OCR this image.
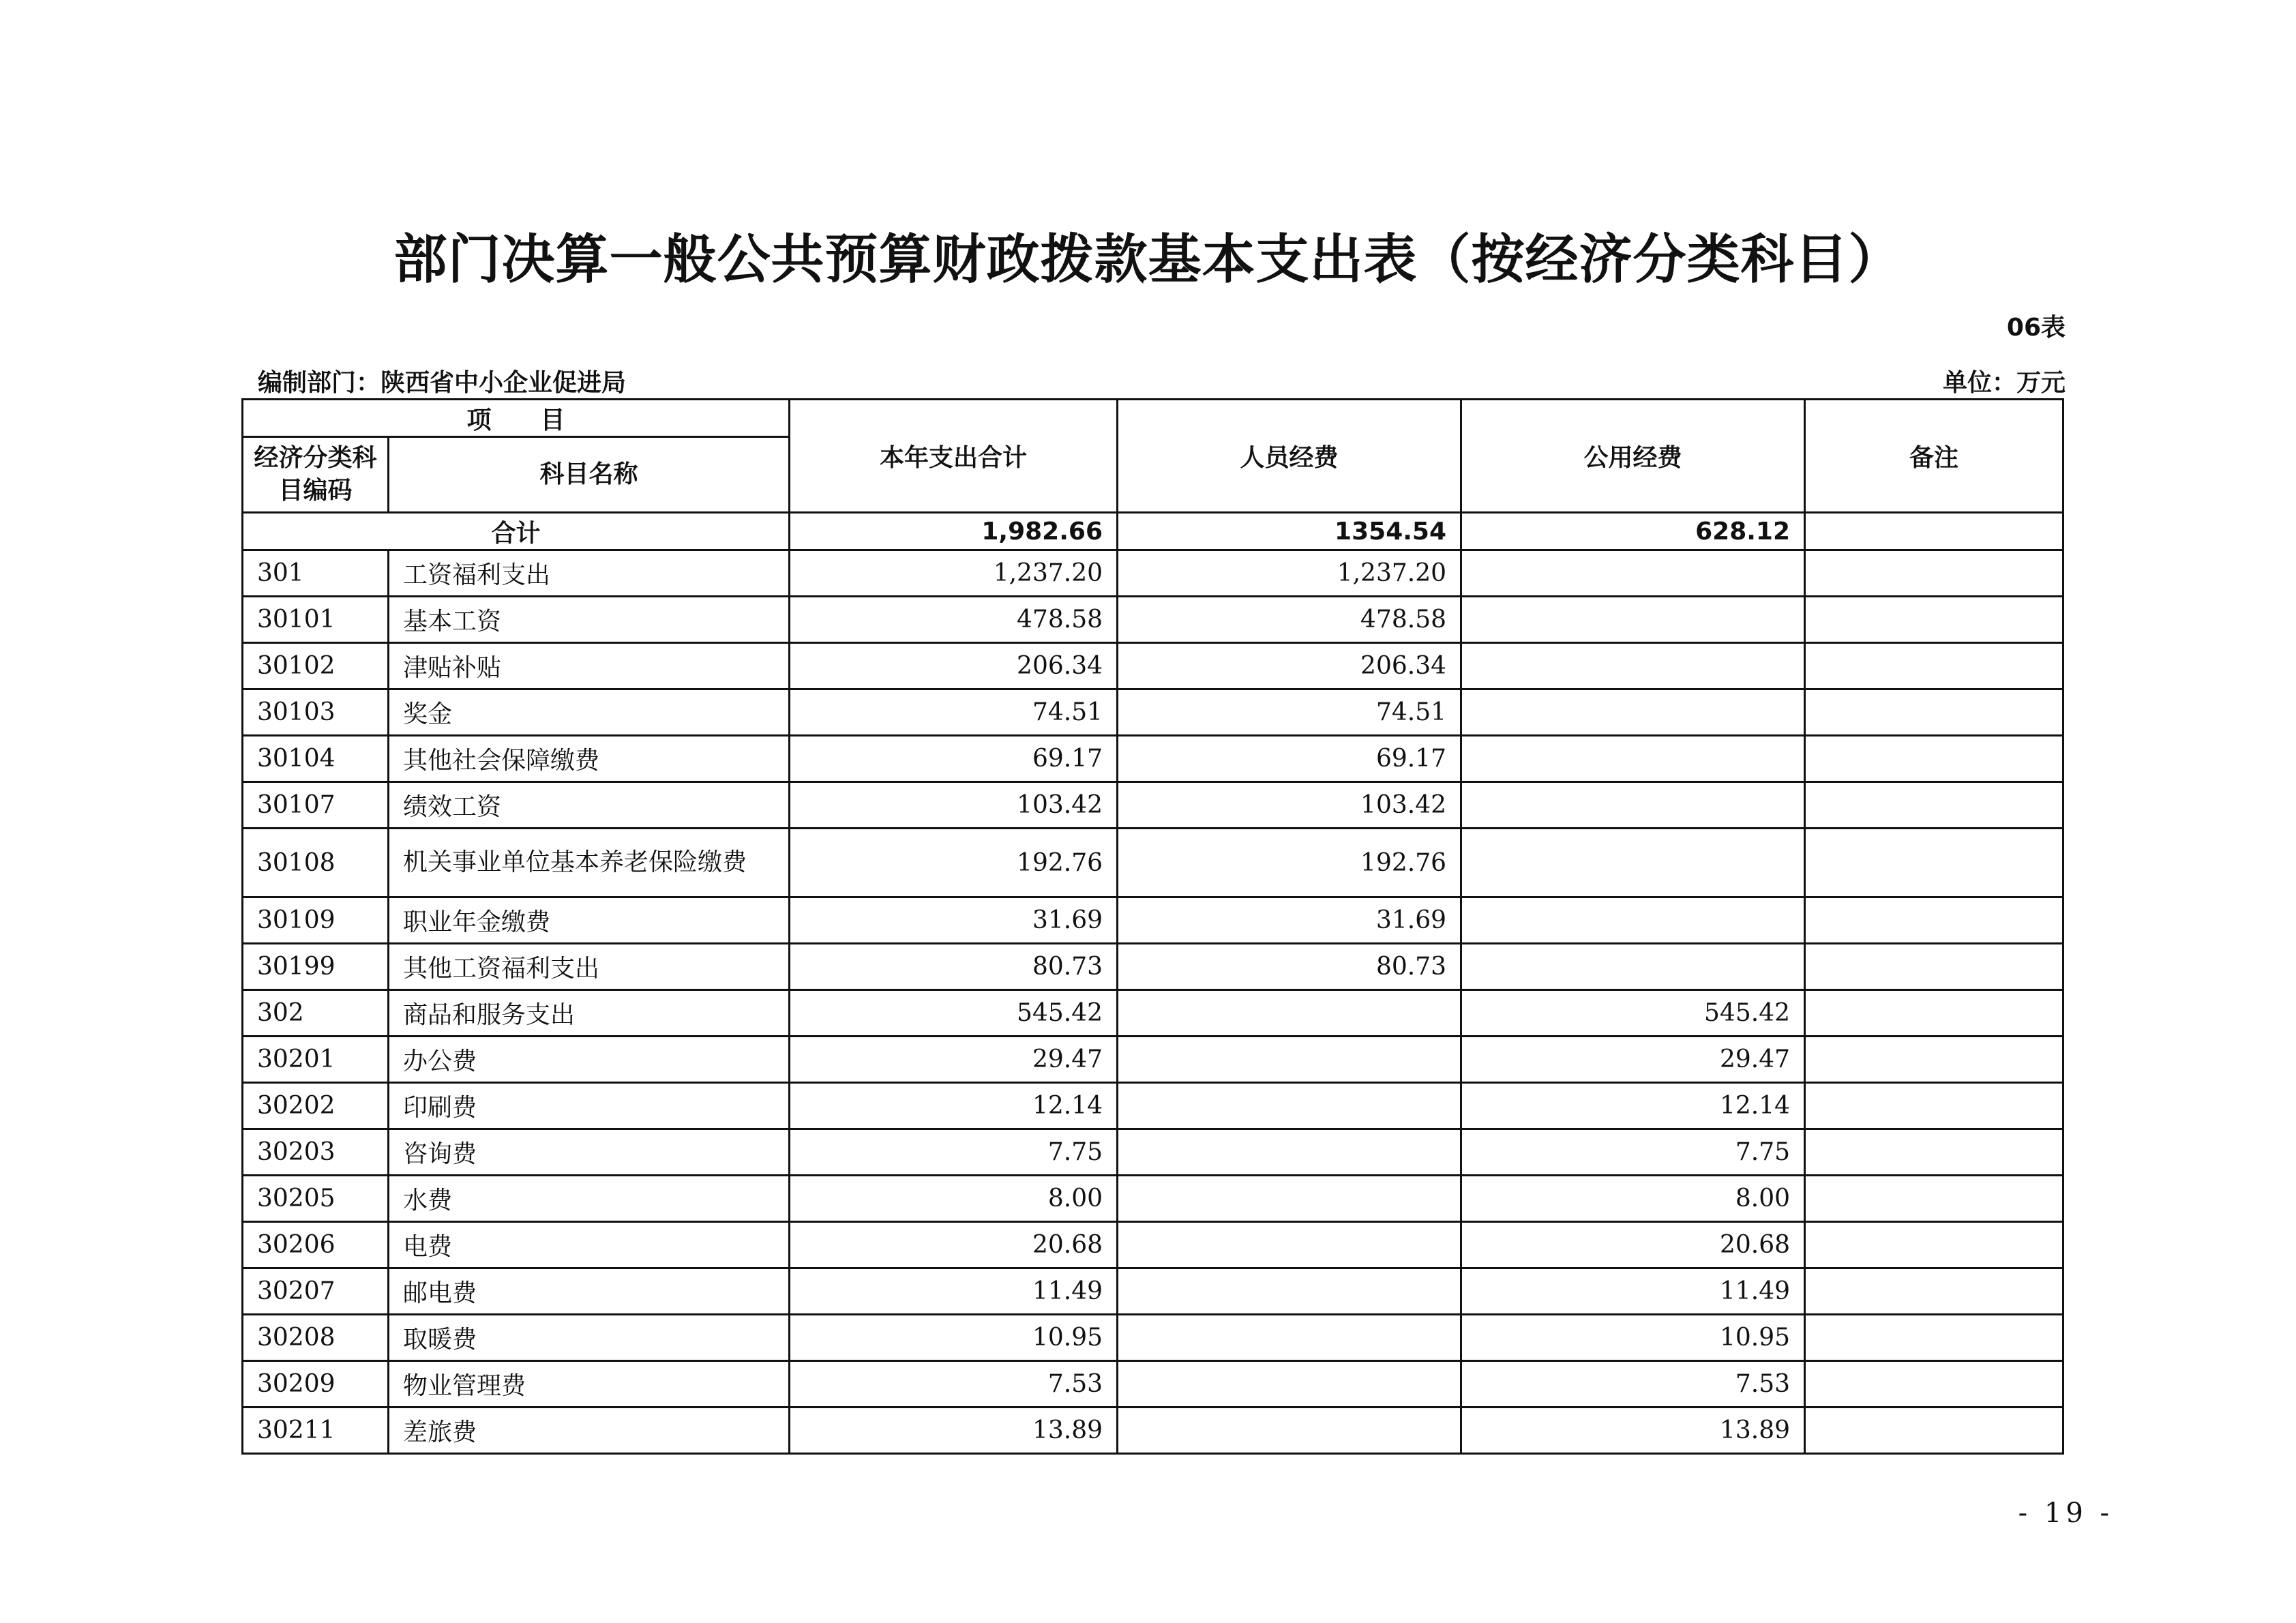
部门决算一般公共预算财政拨款基本支出表（按经济分类科目）
06表
编制部门：陕西省中小企业促进局	单位：万元
项　　目		本年支出合计	人员经费	公用经费	备注
经济分类科目编码	科目名称				
合计		1,982.66	1354.54	628.12	
301	工资福利支出	1,237.20	1,237.20		
30101	基本工资	478.58	478.58		
30102	津贴补贴	206.34	206.34		
30103	奖金	74.51	74.51		
30104	其他社会保障缴费	69.17	69.17		
30107	绩效工资	103.42	103.42		
30108	机关事业单位基本养老保险缴费	192.76	192.76		
30109	职业年金缴费	31.69	31.69		
30199	其他工资福利支出	80.73	80.73		
302	商品和服务支出	545.42		545.42	
30201	办公费	29.47		29.47	
30202	印刷费	12.14		12.14	
30203	咨询费	7.75		7.75	
30205	水费	8.00		8.00	
30206	电费	20.68		20.68	
30207	邮电费	11.49		11.49	
30208	取暖费	10.95		10.95	
30209	物业管理费	7.53		7.53	
30211	差旅费	13.89		13.89	
- 19 -
